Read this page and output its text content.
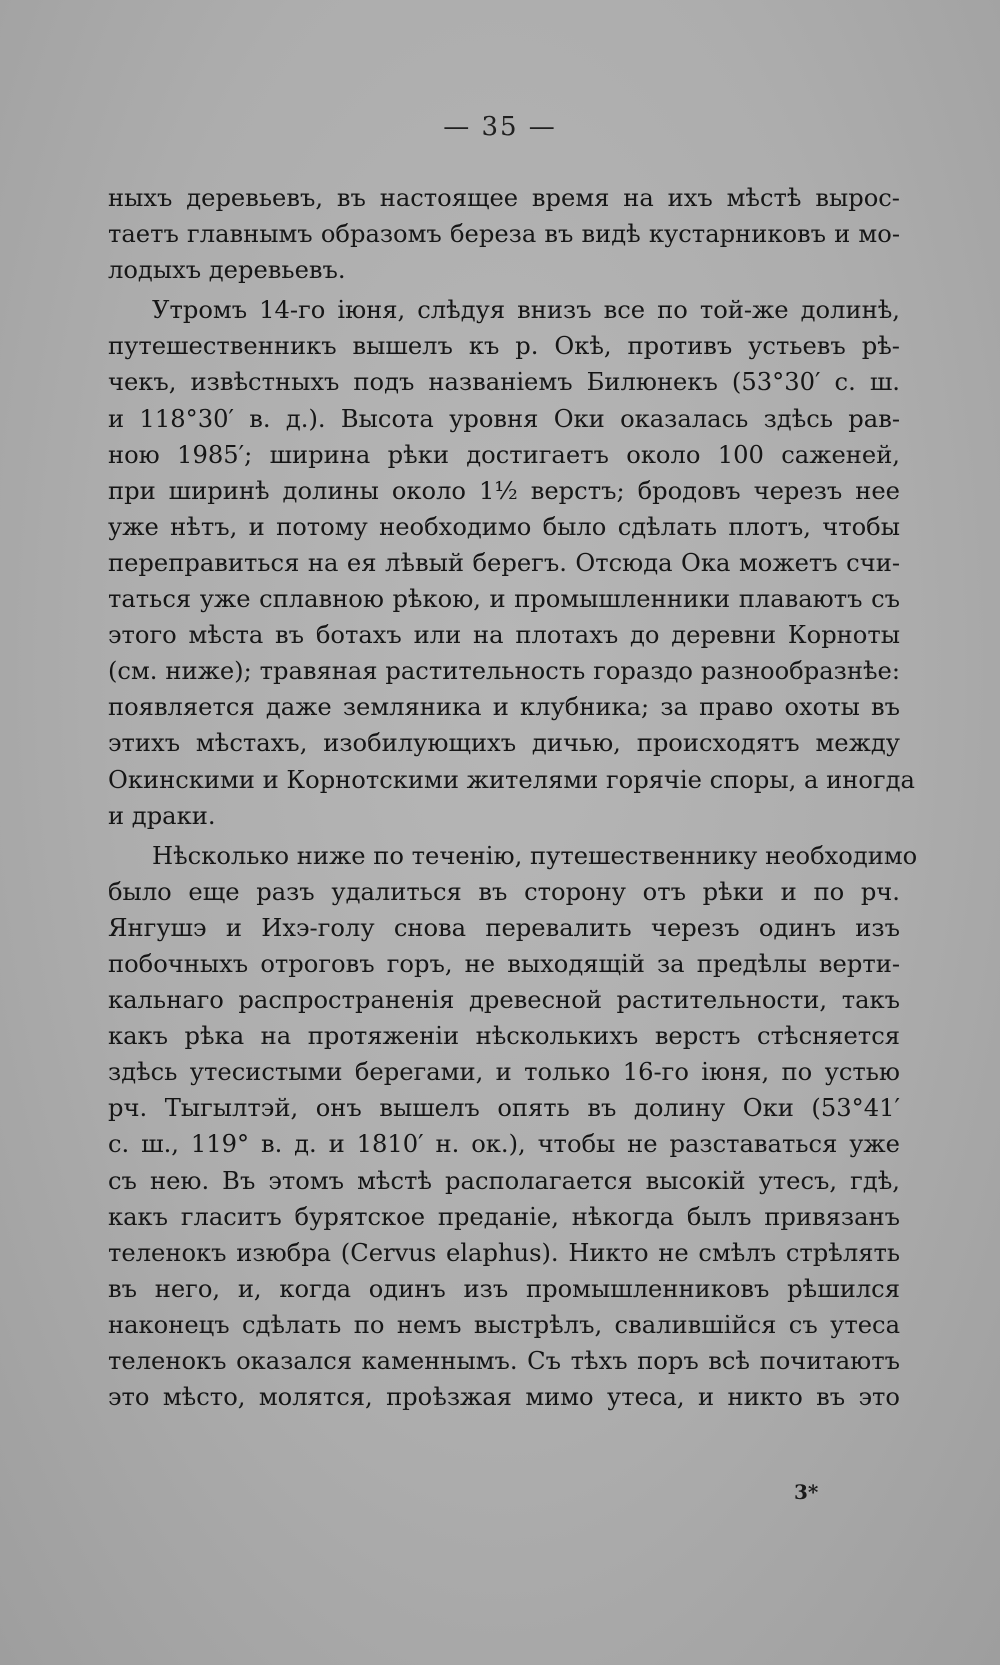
— 35 —

ныхъ деревьевъ, въ настоящее время на ихъ мѣстѣ выpос-
таетъ главнымъ образомъ береза въ видѣ кустарниковъ и мо-
лодыхъ деревьевъ.

Утромъ 14-го іюня, слѣдуя внизъ все по той-же долинѣ,
путешественникъ вышелъ къ р. Окѣ, противъ устьевъ рѣ-
чекъ, извѣстныхъ подъ названіемъ Билюнекъ (53°30′ с. ш.
и 118°30′ в. д.). Высота уровня Оки оказалась здѣсь рав-
ною 1985′; ширина рѣки достигаетъ около 100 саженей,
при ширинѣ долины около 1½ верстъ; бродовъ черезъ нее
уже нѣтъ, и потому необходимо было сдѣлать плотъ, чтобы
переправиться на ея лѣвый берегъ. Отсюда Ока можетъ счи-
таться уже сплавною рѣкою, и промышленники плаваютъ съ
этого мѣста въ ботахъ или на плотахъ до деревни Корноты
(см. ниже); травяная растительность гораздо разнообразнѣе:
появляется даже земляника и клубника; за право охоты въ
этихъ мѣстахъ, изобилующихъ дичью, происходятъ между
Окинскими и Корнотскими жителями горячіе споры, а иногда
и драки.

Нѣсколько ниже по теченію, путешественнику необходимо
было еще разъ удалиться въ сторону отъ рѣки и по рч.
Янгушэ и Ихэ-голу снова перевалить черезъ одинъ изъ
побочныхъ отроговъ горъ, не выходящій за предѣлы верти-
кальнаго распространенія древесной растительности, такъ
какъ рѣка на протяженіи нѣсколькихъ верстъ стѣсняется
здѣсь утесистыми берегами, и только 16-го іюня, по устью
рч. Тыгылтэй, онъ вышелъ опять въ долину Оки (53°41′
с. ш., 119° в. д. и 1810′ н. ок.), чтобы не разставаться уже
съ нею. Въ этомъ мѣстѣ располагается высокій утесъ, гдѣ,
какъ гласитъ бурятское преданіе, нѣкогда былъ привязанъ
теленокъ изюбра (Cervus elaphus). Никто не смѣлъ стрѣлять
въ него, и, когда одинъ изъ промышленниковъ рѣшился
наконецъ сдѣлать по немъ выстрѣлъ, свалившійся съ утеса
теленокъ оказался каменнымъ. Съ тѣхъ поръ всѣ почитаютъ
это мѣсто, молятся, проѣзжая мимо утеса, и никто въ это

3*
